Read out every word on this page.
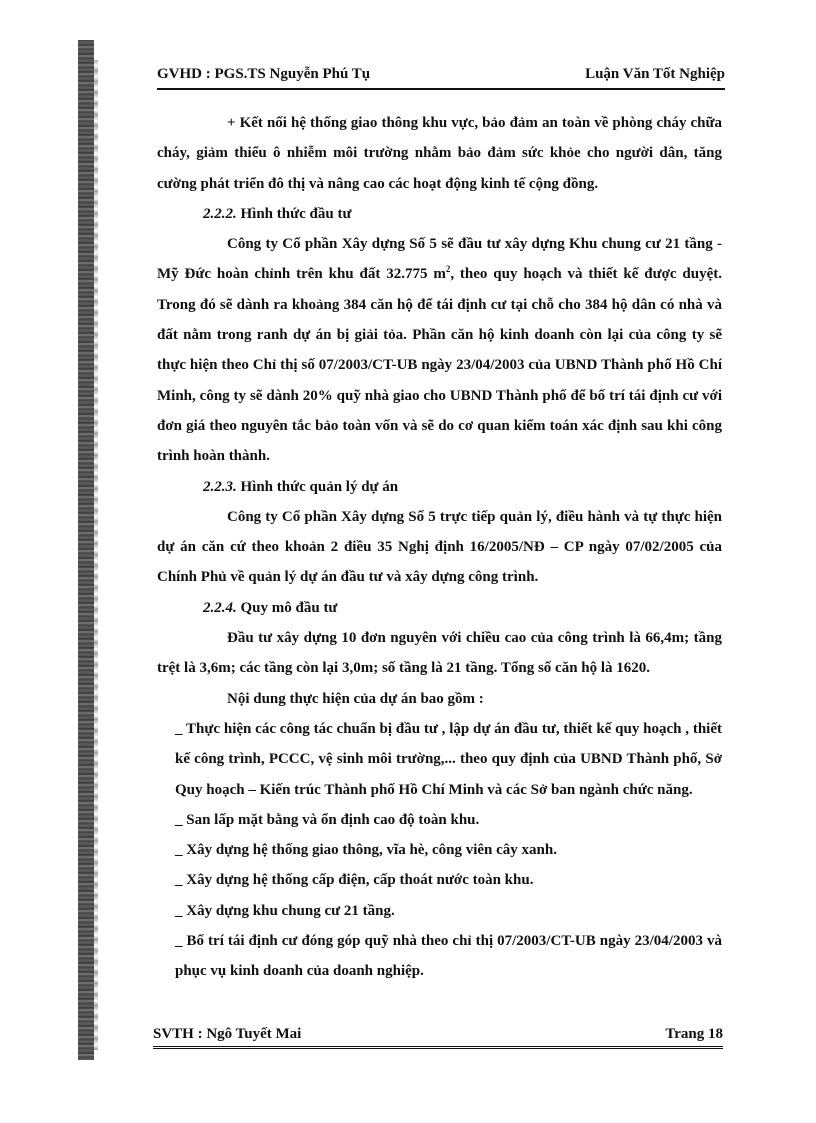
GVHD : PGS.TS Nguyễn Phú Tụ	Luận Văn Tốt Nghiệp

+ Kết nối hệ thống giao thông khu vực, bảo đảm an toàn về phòng cháy chữa cháy, giảm thiểu ô nhiễm môi trường nhằm bảo đảm sức khỏe cho người dân, tăng cường phát triển đô thị và nâng cao các hoạt động kinh tế cộng đồng.

2.2.2. Hình thức đầu tư

Công ty Cổ phần Xây dựng Số 5 sẽ đầu tư xây dựng Khu chung cư 21 tầng - Mỹ Đức hoàn chỉnh trên khu đất 32.775 $m^2$, theo quy hoạch và thiết kế được duyệt. Trong đó sẽ dành ra khoảng 384 căn hộ để tái định cư tại chỗ cho 384 hộ dân có nhà và đất nằm trong ranh dự án bị giải tỏa. Phần căn hộ kinh doanh còn lại của công ty sẽ thực hiện theo Chỉ thị số 07/2003/CT-UB ngày 23/04/2003 của UBND Thành phố Hồ Chí Minh, công ty sẽ dành 20% quỹ nhà giao cho UBND Thành phố để bố trí tái định cư với đơn giá theo nguyên tắc bảo toàn vốn và sẽ do cơ quan kiểm toán xác định sau khi công trình hoàn thành.

2.2.3. Hình thức quản lý dự án

Công ty Cổ phần Xây dựng Số 5 trực tiếp quản lý, điều hành và tự thực hiện dự án căn cứ theo khoản 2 điều 35 Nghị định 16/2005/NĐ – CP ngày 07/02/2005 của Chính Phủ về quản lý dự án đầu tư và xây dựng công trình.

2.2.4. Quy mô đầu tư

Đầu tư xây dựng 10 đơn nguyên với chiều cao của công trình là 66,4m; tầng trệt là 3,6m; các tầng còn lại 3,0m; số tầng là 21 tầng. Tổng số căn hộ là 1620.

Nội dung thực hiện của dự án bao gồm :

_ Thực hiện các công tác chuẩn bị đầu tư , lập dự án đầu tư, thiết kế quy hoạch , thiết kế công trình, PCCC, vệ sinh môi trường,... theo quy định của UBND Thành phố, Sở Quy hoạch – Kiến trúc Thành phố Hồ Chí Minh và các Sở ban ngành chức năng.

_ San lấp mặt bằng và ổn định cao độ toàn khu.

_ Xây dựng hệ thống giao thông, vĩa hè, công viên cây xanh.

_ Xây dựng hệ thống cấp điện, cấp thoát nước toàn khu.

_ Xây dựng khu chung cư 21 tầng.

_ Bố trí tái định cư đóng góp quỹ nhà theo chỉ thị 07/2003/CT-UB ngày 23/04/2003 và phục vụ kinh doanh của doanh nghiệp.

SVTH : Ngô Tuyết Mai	Trang 18
